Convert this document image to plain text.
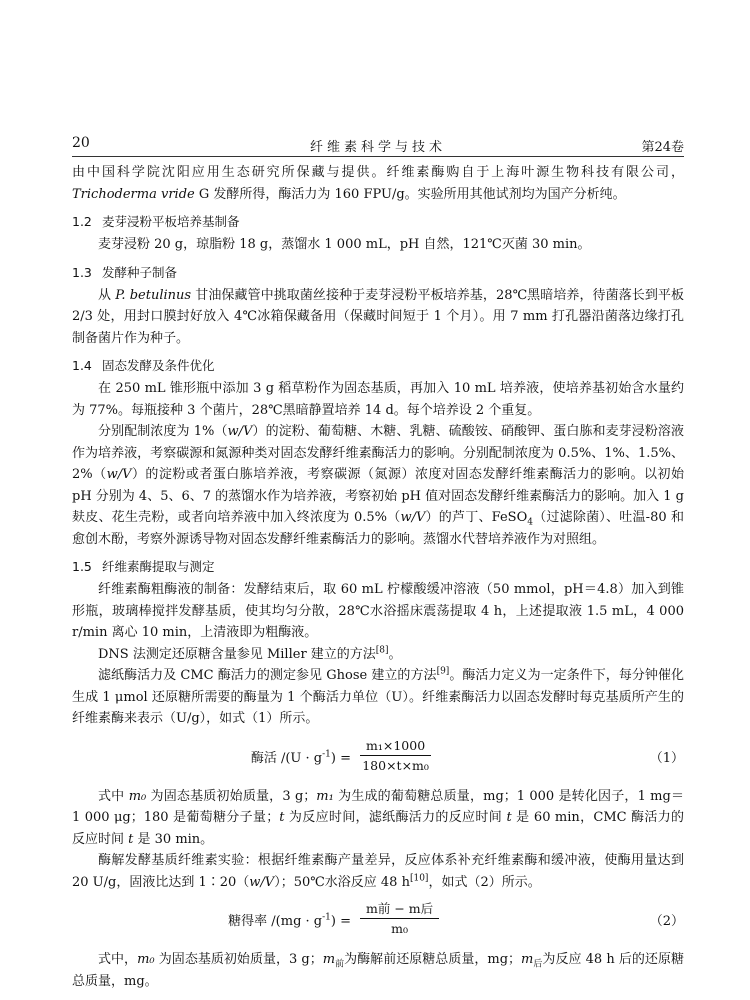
20	纤维素科学与技术	第24卷

由中国科学院沈阳应用生态研究所保藏与提供。纤维素酶购自于上海叶源生物科技有限公司，Trichoderma vride G 发酵所得，酶活力为 160 FPU/g。实验所用其他试剂均为国产分析纯。

1.2 麦芽浸粉平板培养基制备

麦芽浸粉 20 g，琼脂粉 18 g，蒸馏水 1 000 mL，pH 自然，121℃灭菌 30 min。

1.3 发酵种子制备

从 P. betulinus 甘油保藏管中挑取菌丝接种于麦芽浸粉平板培养基，28℃黑暗培养，待菌落长到平板 2/3 处，用封口膜封好放入 4℃冰箱保藏备用（保藏时间短于 1 个月）。用 7 mm 打孔器沿菌落边缘打孔制备菌片作为种子。

1.4 固态发酵及条件优化

在 250 mL 锥形瓶中添加 3 g 稻草粉作为固态基质，再加入 10 mL 培养液，使培养基初始含水量约为 77%。每瓶接种 3 个菌片，28℃黑暗静置培养 14 d。每个培养设 2 个重复。

分别配制浓度为 1%（w/V）的淀粉、葡萄糖、木糖、乳糖、硫酸铵、硝酸钾、蛋白胨和麦芽浸粉溶液作为培养液，考察碳源和氮源种类对固态发酵纤维素酶活力的影响。分别配制浓度为 0.5%、1%、1.5%、2%（w/V）的淀粉或者蛋白胨培养液，考察碳源（氮源）浓度对固态发酵纤维素酶活力的影响。以初始 pH 分别为 4、5、6、7 的蒸馏水作为培养液，考察初始 pH 值对固态发酵纤维素酶活力的影响。加入 1 g 麸皮、花生壳粉，或者向培养液中加入终浓度为 0.5%（w/V）的芦丁、FeSO$_4$（过滤除菌）、吐温-80 和愈创木酚，考察外源诱导物对固态发酵纤维素酶活力的影响。蒸馏水代替培养液作为对照组。

1.5 纤维素酶提取与测定

纤维素酶粗酶液的制备：发酵结束后，取 60 mL 柠檬酸缓冲溶液（50 mmol，pH＝4.8）加入到锥形瓶，玻璃棒搅拌发酵基质，使其均匀分散，28℃水浴摇床震荡提取 4 h，上述提取液 1.5 mL，4 000 r/min 离心 10 min，上清液即为粗酶液。

DNS 法测定还原糖含量参见 Miller 建立的方法[8]。

滤纸酶活力及 CMC 酶活力的测定参见 Ghose 建立的方法[9]。酶活力定义为一定条件下，每分钟催化生成 1 μmol 还原糖所需要的酶量为 1 个酶活力单位（U）。纤维素酶活力以固态发酵时每克基质所产生的纤维素酶来表示（U/g），如式（1）所示。

酶活 $/(U \cdot g^{-1}) = \frac{\text{m₁×1000}}{\text{180×t×m₀}}$	（1）

式中 m₀ 为固态基质初始质量，3 g；m₁ 为生成的葡萄糖总质量，mg；1 000 是转化因子，1 mg＝1 000 μg；180 是葡萄糖分子量；t 为反应时间，滤纸酶活力的反应时间 t 是 60 min，CMC 酶活力的反应时间 t 是 30 min。

酶解发酵基质纤维素实验：根据纤维素酶产量差异，反应体系补充纤维素酶和缓冲液，使酶用量达到 20 U/g，固液比达到 1∶20（w/V）；50℃水浴反应 48 h[10]，如式（2）所示。

糖得率 $/(mg \cdot g^{-1})$ =
m前 − m后
m₀	（2）

式中，m₀ 为固态基质初始质量，3 g；$m_前$为酶解前还原糖总质量，mg；$m_后$为反应 48 h 后的还原糖总质量，mg。
